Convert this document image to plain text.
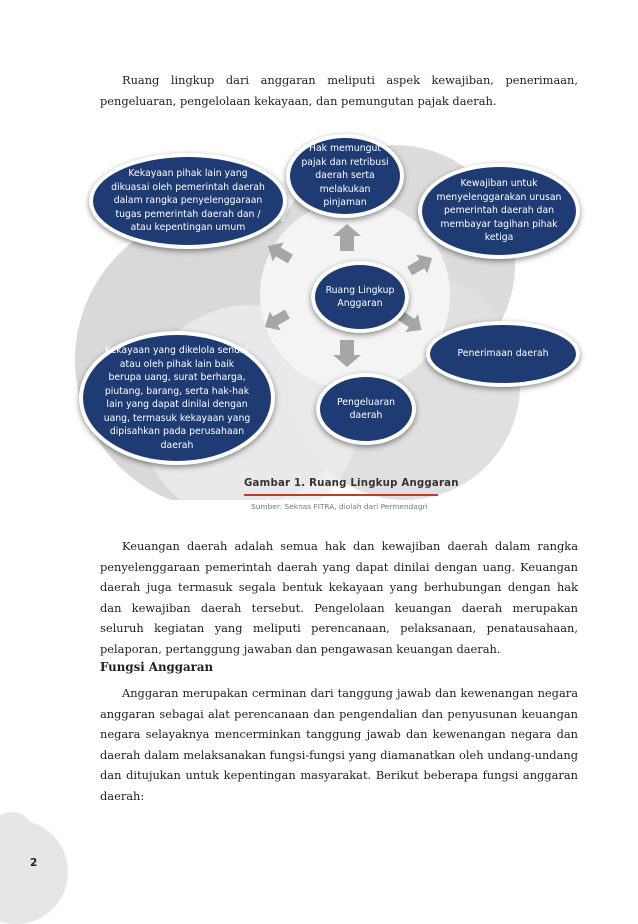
Ruang lingkup dari anggaran meliputi aspek kewajiban, penerimaan, pengeluaran, pengelolaan kekayaan, dan pemungutan pajak daerah.

Hak memungut pajak dan retribusi daerah serta melakukan pinjaman
Kekayaan pihak lain yang dikuasai oleh pemerintah daerah dalam rangka penyelenggaraan tugas pemerintah daerah dan / atau kepentingan umum
Kewajiban untuk menyelenggarakan urusan pemerintah daerah dan membayar tagihan pihak ketiga
Ruang Lingkup Anggaran
Penerimaan daerah
Kekayaan yang dikelola sendiri atau oleh pihak lain baik berupa uang, surat berharga, piutang, barang, serta hak-hak lain yang dapat dinilai dengan uang, termasuk kekayaan yang dipisahkan pada perusahaan daerah
Pengeluaran daerah
Gambar 1. Ruang Lingkup Anggaran
Sumber: Seknas FITRA, diolah dari Permendagri

Keuangan daerah adalah semua hak dan kewajiban daerah dalam rangka penyelenggaraan pemerintah daerah yang dapat dinilai dengan uang. Keuangan daerah juga termasuk segala bentuk kekayaan yang berhubungan dengan hak dan kewajiban daerah tersebut. Pengelolaan keuangan daerah merupakan seluruh kegiatan yang meliputi perencanaan, pelaksanaan, penatausahaan, pelaporan, pertanggung jawaban dan pengawasan keuangan daerah.

Fungsi Anggaran

Anggaran merupakan cerminan dari tanggung jawab dan kewenangan negara anggaran sebagai alat perencanaan dan pengendalian dan penyusunan keuangan negara selayaknya mencerminkan tanggung jawab dan kewenangan negara dan daerah dalam melaksanakan fungsi-fungsi yang diamanatkan oleh undang-undang dan ditujukan untuk kepentingan masyarakat. Berikut beberapa fungsi anggaran daerah:

2
